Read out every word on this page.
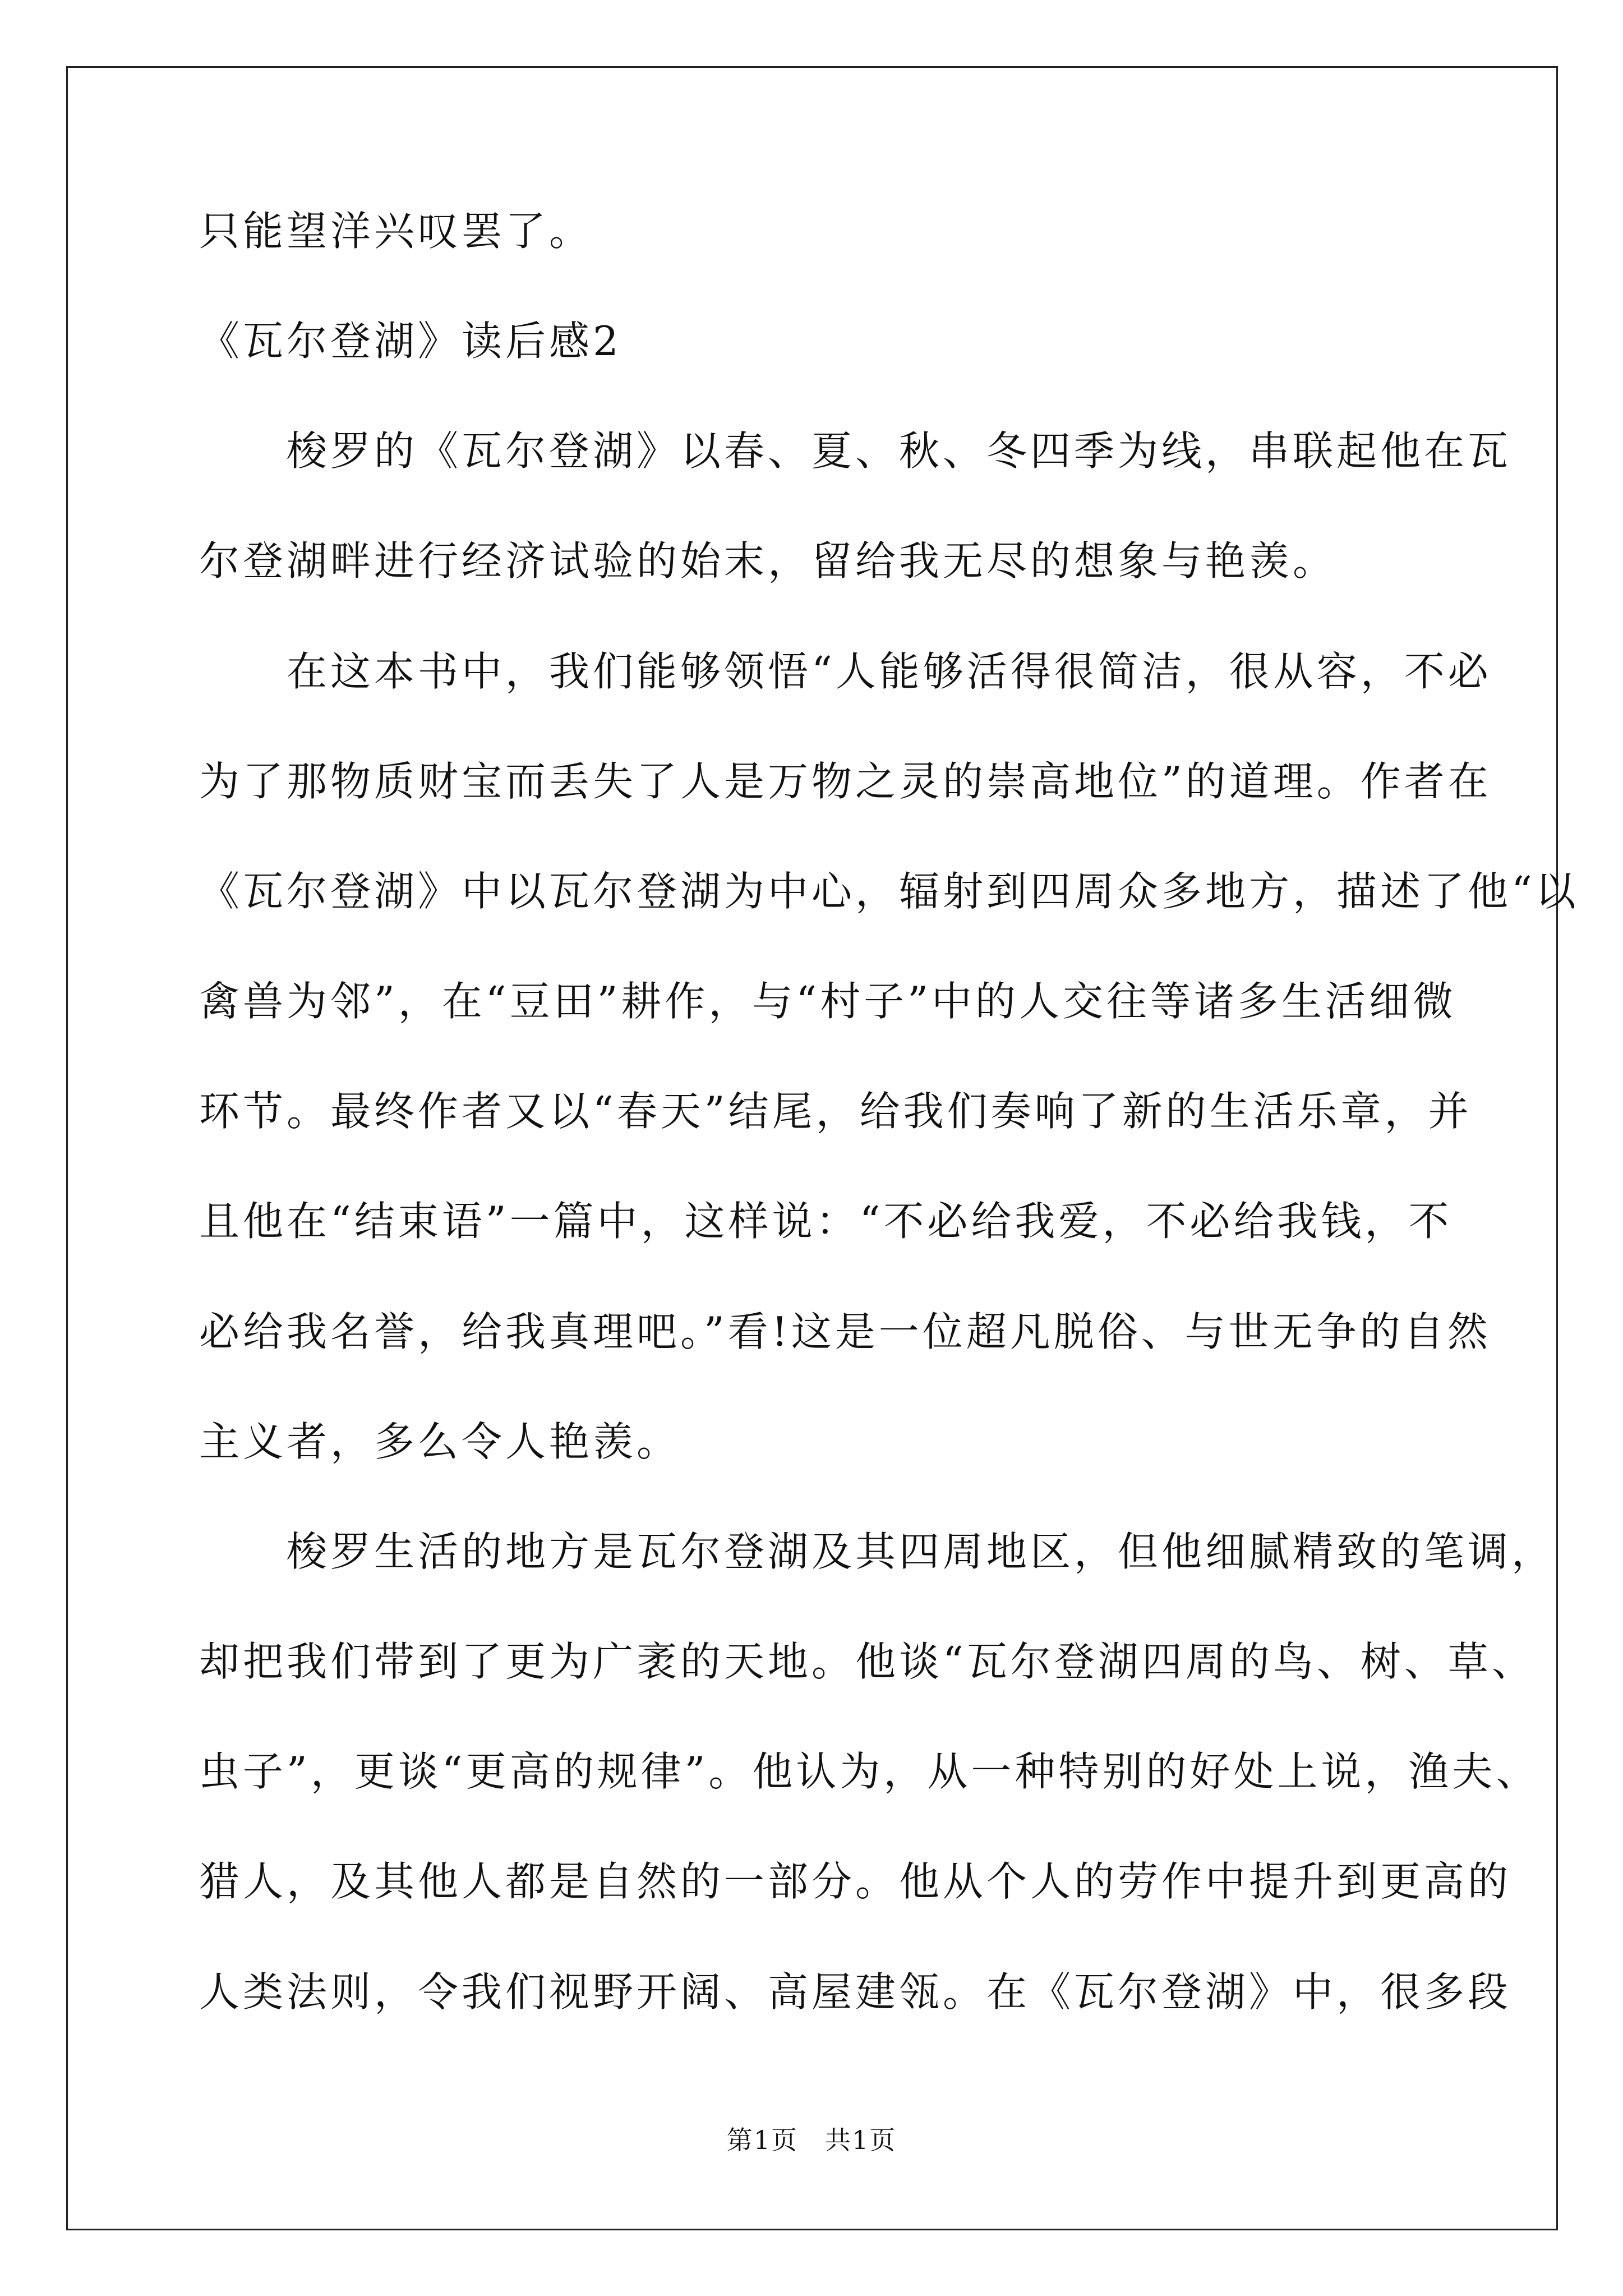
只能望洋兴叹罢了。
《瓦尔登湖》读后感2
　　梭罗的《瓦尔登湖》以春、夏、秋、冬四季为线，串联起他在瓦
尔登湖畔进行经济试验的始末，留给我无尽的想象与艳羡。
　　在这本书中，我们能够领悟“人能够活得很简洁，很从容，不必
为了那物质财宝而丢失了人是万物之灵的崇高地位”的道理。作者在
《瓦尔登湖》中以瓦尔登湖为中心，辐射到四周众多地方，描述了他“以
禽兽为邻”，在“豆田”耕作，与“村子”中的人交往等诸多生活细微
环节。最终作者又以“春天”结尾，给我们奏响了新的生活乐章，并
且他在“结束语”一篇中，这样说：“不必给我爱，不必给我钱，不
必给我名誉，给我真理吧。”看!这是一位超凡脱俗、与世无争的自然
主义者，多么令人艳羡。
　　梭罗生活的地方是瓦尔登湖及其四周地区，但他细腻精致的笔调，
却把我们带到了更为广袤的天地。他谈“瓦尔登湖四周的鸟、树、草、
虫子”，更谈“更高的规律”。他认为，从一种特别的好处上说，渔夫、
猎人，及其他人都是自然的一部分。他从个人的劳作中提升到更高的
人类法则，令我们视野开阔、高屋建瓴。在《瓦尔登湖》中，很多段
第1页　共1页
